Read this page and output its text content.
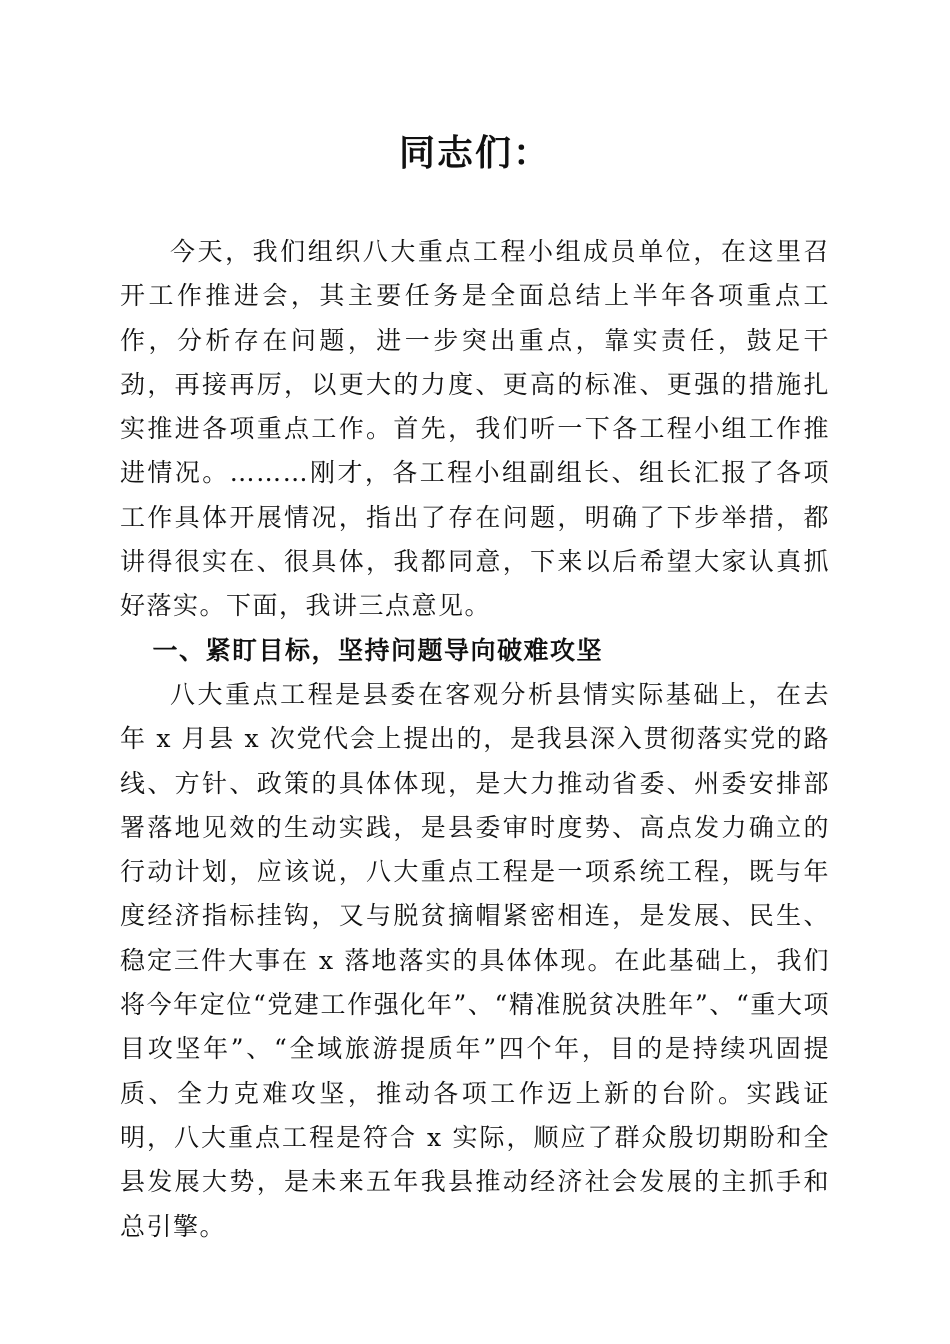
同志们：

今天，我们组织八大重点工程小组成员单位，在这里召开工作推进会，其主要任务是全面总结上半年各项重点工作，分析存在问题，进一步突出重点，靠实责任，鼓足干劲，再接再厉，以更大的力度、更高的标准、更强的措施扎实推进各项重点工作。首先，我们听一下各工程小组工作推进情况。………刚才，各工程小组副组长、组长汇报了各项工作具体开展情况，指出了存在问题，明确了下步举措，都讲得很实在、很具体，我都同意，下来以后希望大家认真抓好落实。下面，我讲三点意见。

一、紧盯目标，坚持问题导向破难攻坚

八大重点工程是县委在客观分析县情实际基础上，在去年 x 月县 x 次党代会上提出的，是我县深入贯彻落实党的路线、方针、政策的具体体现，是大力推动省委、州委安排部署落地见效的生动实践，是县委审时度势、高点发力确立的行动计划，应该说，八大重点工程是一项系统工程，既与年度经济指标挂钩，又与脱贫摘帽紧密相连，是发展、民生、稳定三件大事在 x 落地落实的具体体现。在此基础上，我们将今年定位“党建工作强化年”、“精准脱贫决胜年”、“重大项目攻坚年”、“全域旅游提质年”四个年，目的是持续巩固提质、全力克难攻坚，推动各项工作迈上新的台阶。实践证明，八大重点工程是符合 x 实际，顺应了群众殷切期盼和全县发展大势，是未来五年我县推动经济社会发展的主抓手和总引擎。
